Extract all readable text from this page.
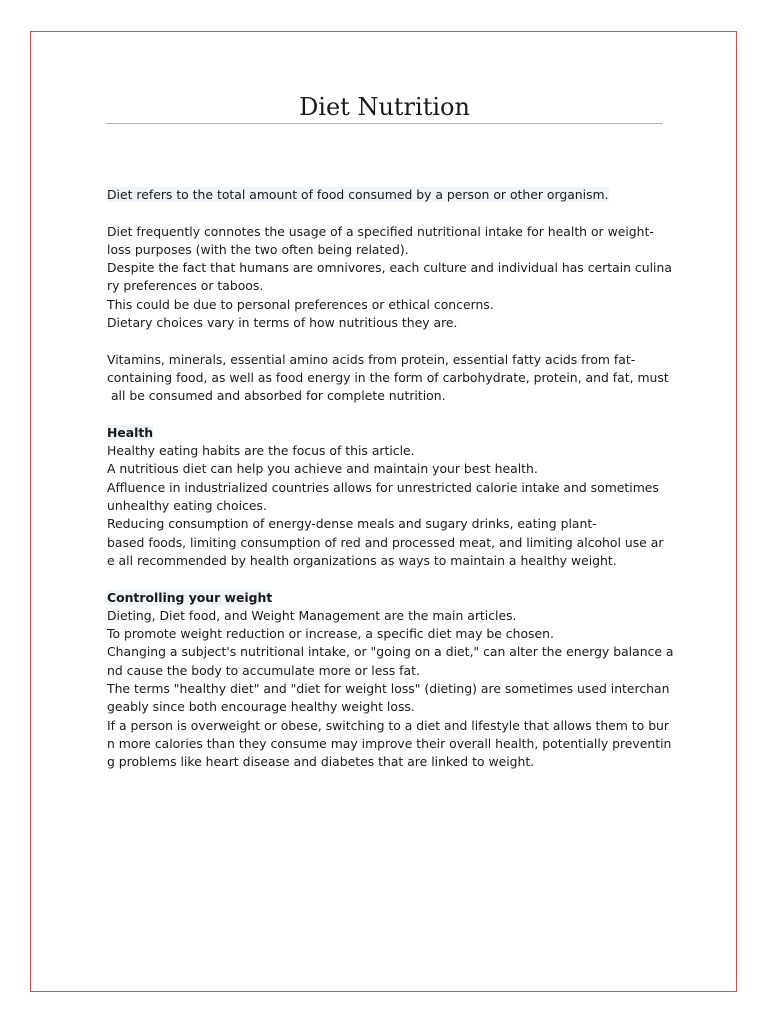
Diet Nutrition
Diet refers to the total amount of food consumed by a person or other organism.
Diet frequently connotes the usage of a specified nutritional intake for health or weight-
loss purposes (with the two often being related).
Despite the fact that humans are omnivores, each culture and individual has certain culina
ry preferences or taboos.
This could be due to personal preferences or ethical concerns.
Dietary choices vary in terms of how nutritious they are.
Vitamins, minerals, essential amino acids from protein, essential fatty acids from fat-
containing food, as well as food energy in the form of carbohydrate, protein, and fat, must
all be consumed and absorbed for complete nutrition.
Health
Healthy eating habits are the focus of this article.
A nutritious diet can help you achieve and maintain your best health.
Affluence in industrialized countries allows for unrestricted calorie intake and sometimes
unhealthy eating choices.
Reducing consumption of energy-dense meals and sugary drinks, eating plant-
based foods, limiting consumption of red and processed meat, and limiting alcohol use ar
e all recommended by health organizations as ways to maintain a healthy weight.
Controlling your weight
Dieting, Diet food, and Weight Management are the main articles.
To promote weight reduction or increase, a specific diet may be chosen.
Changing a subject's nutritional intake, or "going on a diet," can alter the energy balance a
nd cause the body to accumulate more or less fat.
The terms "healthy diet" and "diet for weight loss" (dieting) are sometimes used interchan
geably since both encourage healthy weight loss.
If a person is overweight or obese, switching to a diet and lifestyle that allows them to bur
n more calories than they consume may improve their overall health, potentially preventin
g problems like heart disease and diabetes that are linked to weight.
